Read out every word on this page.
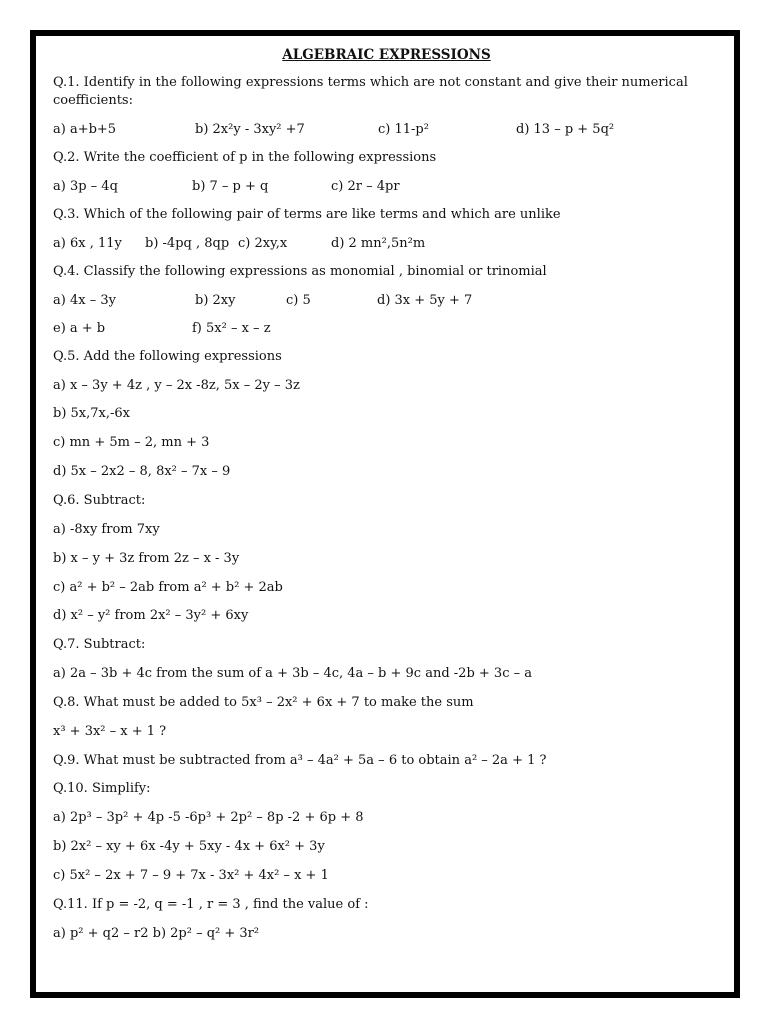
ALGEBRAIC EXPRESSIONS
Q.1. Identify in the following expressions terms which are not constant and give their numerical coefficients:
a) a+b+5	b) 2x²y - 3xy² +7	c) 11-p²	d) 13 – p + 5q²
Q.2. Write the coefficient of p in the following expressions
a) 3p – 4q	b) 7 – p + q	c) 2r – 4pr
Q.3. Which of the following pair of terms are like terms and which are unlike
a) 6x , 11y b) -4pq , 8qp c) 2xy,x	d) 2 mn²,5n²m
Q.4. Classify the following expressions as monomial , binomial or trinomial
a) 4x – 3y	b) 2xy	c) 5	d) 3x + 5y + 7
e) a + b	f) 5x² – x – z
Q.5. Add the following expressions
a) x – 3y + 4z , y – 2x -8z, 5x – 2y – 3z
b) 5x,7x,-6x
c) mn + 5m – 2, mn + 3
d) 5x – 2x2 – 8, 8x² – 7x – 9
Q.6. Subtract:
a) -8xy from 7xy
b) x – y + 3z from 2z – x - 3y
c) a² + b² – 2ab from a² + b² + 2ab
d) x² – y² from 2x² – 3y² + 6xy
Q.7. Subtract:
a) 2a – 3b + 4c from the sum of a + 3b – 4c, 4a – b + 9c and -2b + 3c – a
Q.8. What must be added to 5x³ – 2x² + 6x + 7 to make the sum
x³ + 3x² – x + 1 ?
Q.9. What must be subtracted from a³ – 4a² + 5a – 6 to obtain a² – 2a + 1 ?
Q.10. Simplify:
a) 2p³ – 3p² + 4p -5 -6p³ + 2p² – 8p -2 + 6p + 8
b) 2x² – xy + 6x -4y + 5xy - 4x + 6x² + 3y
c) 5x² – 2x + 7 – 9 + 7x - 3x² + 4x² – x + 1
Q.11. If p = -2, q = -1 , r = 3 , find the value of :
a) p² + q2 – r2 b) 2p² – q² + 3r²
